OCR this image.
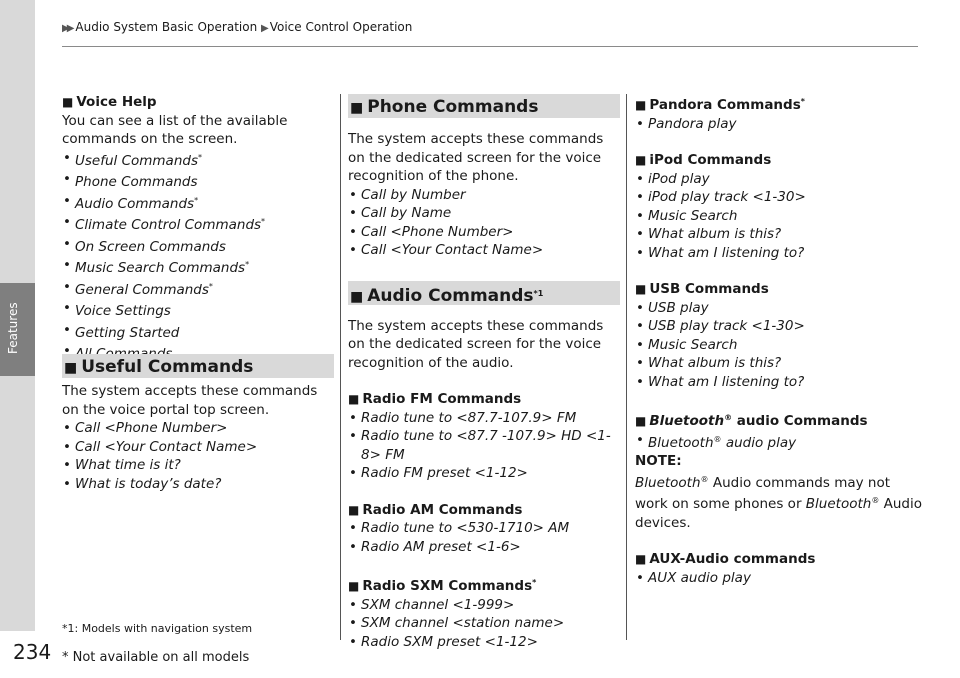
Features
234 * Not available on all models
▶▶ Audio System Basic Operation ▶ Voice Control Operation

■ Voice Help

You can see a list of the available commands on the screen.

• Useful Commands*
• Phone Commands
• Audio Commands*
• Climate Control Commands*
• On Screen Commands
• Music Search Commands*
• General Commands*
• Voice Settings
• Getting Started
•
■ Useful Commands

The system accepts these commands on the voice portal top screen.

• Call <Phone Number>
• Call <Your Contact Name>
• What time is it?
• What is today’s date?
*1: Models with navigation system
■ Phone Commands

The system accepts these commands on the dedicated screen for the voice recognition of the phone.

• Call by Number
• Call by Name
• Call <Phone Number>
• Call <Your Contact Name>
■ Audio Commands$^{*1}$

The system accepts these commands on the dedicated screen for the voice recognition of the audio.

■ Radio FM Commands

• Radio tune to <87.7-107.9> FM
• Radio tune to <87.7 -107.9> HD <1-8> FM
• Radio FM preset <1-12>

■ Radio AM Commands

• Radio tune to <530-1710> AM
• Radio AM preset <1-6>

■ Radio SXM Commands*

• SXM channel <1-999>
• SXM channel <station name>
• Radio SXM preset <1-12>

■ Pandora Commands*

• Pandora play

■ iPod Commands

• iPod play
• iPod play track <1-30>
• Music Search
• What album is this?
• What am I listening to?

■ USB Commands

• USB play
• USB play track <1-30>
• Music Search
• What album is this?
• What am I listening to?

■ Bluetooth® audio Commands

• Bluetooth® audio play

NOTE:

Bluetooth® Audio commands may not work on some phones or Bluetooth® Audio devices.

■ AUX-Audio commands

• AUX audio play
